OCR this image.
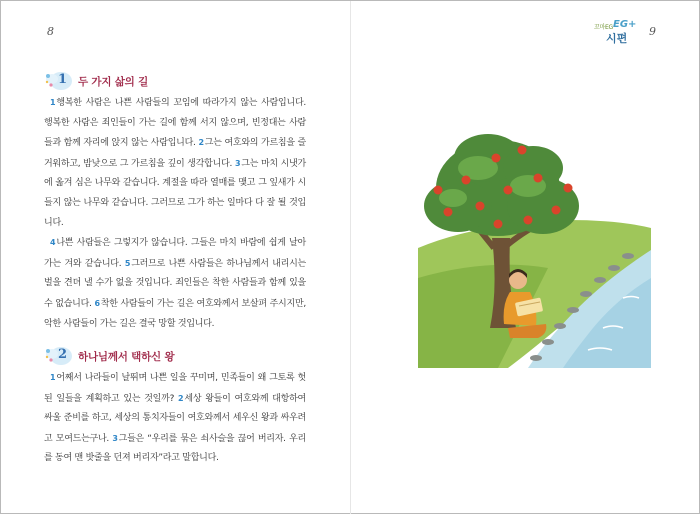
8	9
꼬마EG EG+
시편
1 두 가지 삶의 길

1행복한 사람은 나쁜 사람들의 꼬임에 따라가지 않는 사람입니다. 행복한 사람은 죄인들이 가는 길에 함께 서지 않으며, 빈정대는 사람들과 함께 자리에 앉지 않는 사람입니다. 2그는 여호와의 가르침을 즐거워하고, 밤낮으로 그 가르침을 깊이 생각합니다. 3그는 마치 시냇가에 옮겨 심은 나무와 같습니다. 계절을 따라 열매를 맺고 그 잎새가 시들지 않는 나무와 같습니다. 그러므로 그가 하는 일마다 다 잘 될 것입니다.

4나쁜 사람들은 그렇지가 않습니다. 그들은 마치 바람에 쉽게 날아가는 겨와 같습니다. 5그러므로 나쁜 사람들은 하나님께서 내리시는 벌을 견뎌 낼 수가 없을 것입니다. 죄인들은 착한 사람들과 함께 있을 수 없습니다. 6착한 사람들이 가는 길은 여호와께서 보살펴 주시지만, 악한 사람들이 가는 길은 결국 망할 것입니다.

2 하나님께서 택하신 왕

1어째서 나라들이 날뛰며 나쁜 일을 꾸미며, 민족들이 왜 그토록 헛된 일들을 계획하고 있는 것일까? 2세상 왕들이 여호와께 대항하여 싸울 준비를 하고, 세상의 통치자들이 여호와께서 세우신 왕과 싸우려고 모여드는구나. 3그들은 “우리를 묶은 쇠사슬을 끊어 버리자. 우리를 동여 맨 밧줄을 던져 버리자”라고 말합니다.
